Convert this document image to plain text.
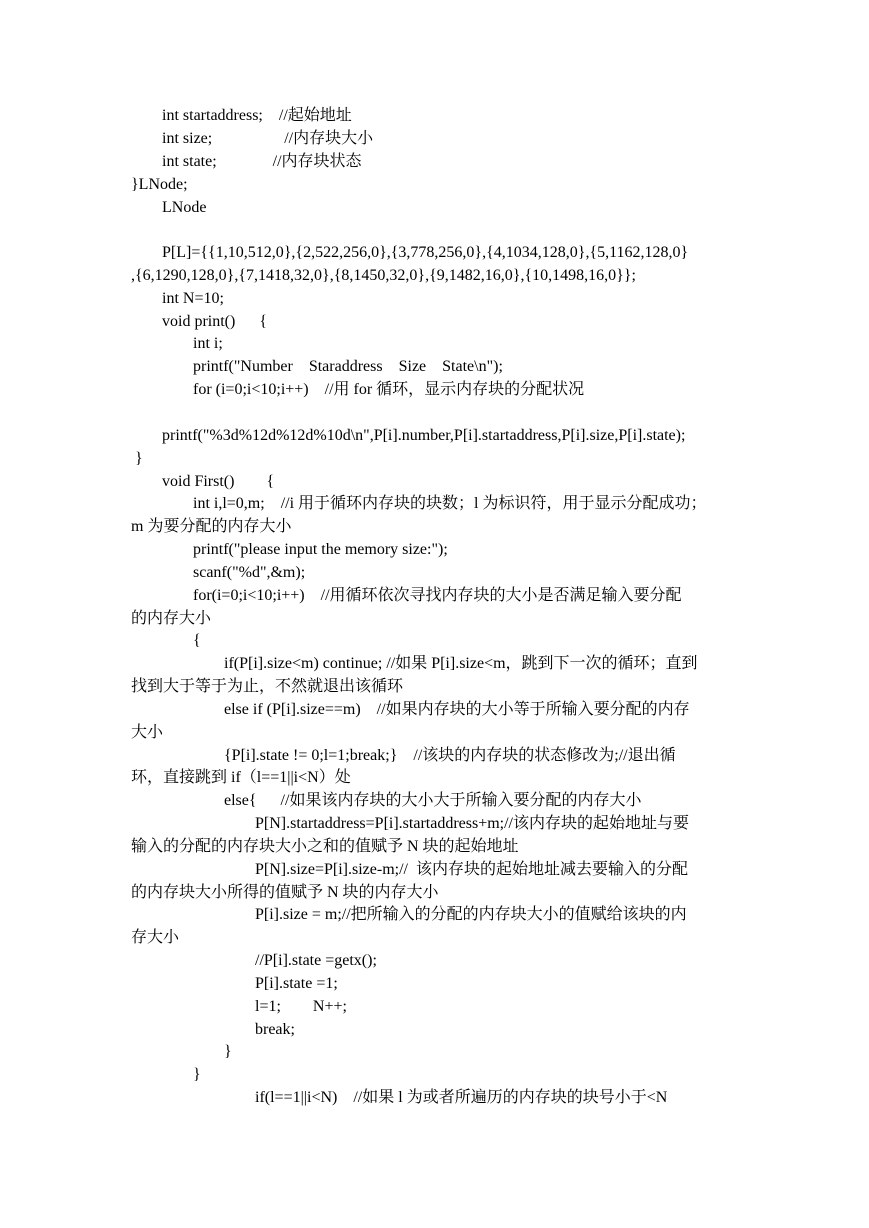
int startaddress;    //起始地址
int size;                  //内存块大小
int state;              //内存块状态
}LNode;
LNode
P[L]={{1,10,512,0},{2,522,256,0},{3,778,256,0},{4,1034,128,0},{5,1162,128,0}
,{6,1290,128,0},{7,1418,32,0},{8,1450,32,0},{9,1482,16,0},{10,1498,16,0}};
int N=10;
void print()      {
int i;
printf("Number    Staraddress    Size    State\n");
for (i=0;i<10;i++)    //用 for 循环，显示内存块的分配状况
printf("%3d%12d%12d%10d\n",P[i].number,P[i].startaddress,P[i].size,P[i].state);
}
void First()        {
int i,l=0,m;    //i 用于循环内存块的块数；l 为标识符，用于显示分配成功；
m 为要分配的内存大小
printf("please input the memory size:");
scanf("%d",&m);
for(i=0;i<10;i++)    //用循环依次寻找内存块的大小是否满足输入要分配
的内存大小
{
if(P[i].size<m) continue; //如果 P[i].size<m，跳到下一次的循环；直到
找到大于等于为止，不然就退出该循环
else if (P[i].size==m)    //如果内存块的大小等于所输入要分配的内存
大小
{P[i].state != 0;l=1;break;}    //该块的内存块的状态修改为;//退出循
环，直接跳到 if（l==1||i<N）处
else{      //如果该内存块的大小大于所输入要分配的内存大小
P[N].startaddress=P[i].startaddress+m;//该内存块的起始地址与要
输入的分配的内存块大小之和的值赋予 N 块的起始地址
P[N].size=P[i].size-m;//  该内存块的起始地址减去要输入的分配
的内存块大小所得的值赋予 N 块的内存大小
P[i].size = m;//把所输入的分配的内存块大小的值赋给该块的内
存大小
//P[i].state =getx();
P[i].state =1;
l=1;        N++;
break;
}
}
if(l==1||i<N)    //如果 l 为或者所遍历的内存块的块号小于<N
